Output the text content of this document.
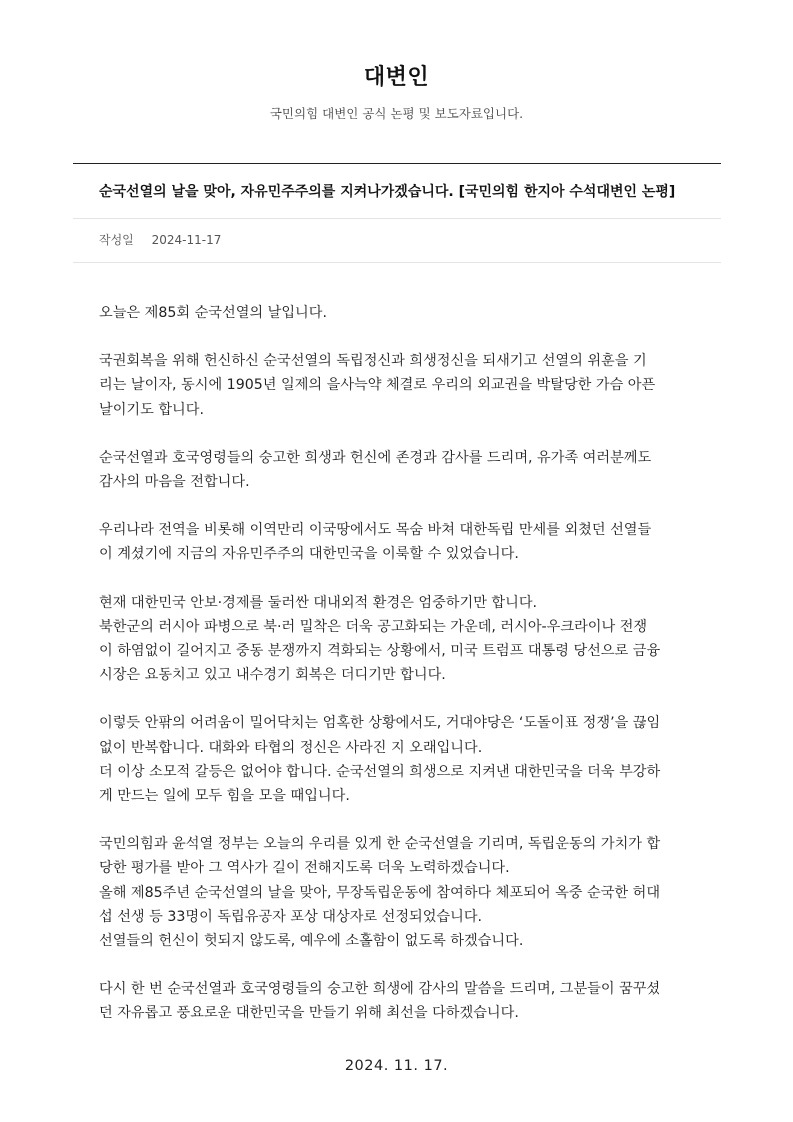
대변인
국민의힘 대변인 공식 논평 및 보도자료입니다.
순국선열의 날을 맞아, 자유민주주의를 지켜나가겠습니다. [국민의힘 한지아 수석대변인 논평]
작성일 2024-11-17

오늘은 제85회 순국선열의 날입니다.

국권회복을 위해 헌신하신 순국선열의 독립정신과 희생정신을 되새기고 선열의 위훈을 기
리는 날이자, 동시에 1905년 일제의 을사늑약 체결로 우리의 외교권을 박탈당한 가슴 아픈
날이기도 합니다.

순국선열과 호국영령들의 숭고한 희생과 헌신에 존경과 감사를 드리며, 유가족 여러분께도
감사의 마음을 전합니다.

우리나라 전역을 비롯해 이역만리 이국땅에서도 목숨 바쳐 대한독립 만세를 외쳤던 선열들
이 계셨기에 지금의 자유민주주의 대한민국을 이룩할 수 있었습니다.

현재 대한민국 안보·경제를 둘러싼 대내외적 환경은 엄중하기만 합니다.
북한군의 러시아 파병으로 북·러 밀착은 더욱 공고화되는 가운데, 러시아-우크라이나 전쟁
이 하염없이 길어지고 중동 분쟁까지 격화되는 상황에서, 미국 트럼프 대통령 당선으로 금융
시장은 요동치고 있고 내수경기 회복은 더디기만 합니다.

이렇듯 안팎의 어려움이 밀어닥치는 엄혹한 상황에서도, 거대야당은 ‘도돌이표 정쟁’을 끊임
없이 반복합니다. 대화와 타협의 정신은 사라진 지 오래입니다.
더 이상 소모적 갈등은 없어야 합니다. 순국선열의 희생으로 지켜낸 대한민국을 더욱 부강하
게 만드는 일에 모두 힘을 모을 때입니다.

국민의힘과 윤석열 정부는 오늘의 우리를 있게 한 순국선열을 기리며, 독립운동의 가치가 합
당한 평가를 받아 그 역사가 길이 전해지도록 더욱 노력하겠습니다.
올해 제85주년 순국선열의 날을 맞아, 무장독립운동에 참여하다 체포되어 옥중 순국한 허대
섭 선생 등 33명이 독립유공자 포상 대상자로 선정되었습니다.
선열들의 헌신이 헛되지 않도록, 예우에 소홀함이 없도록 하겠습니다.

다시 한 번 순국선열과 호국영령들의 숭고한 희생에 감사의 말씀을 드리며, 그분들이 꿈꾸셨
던 자유롭고 풍요로운 대한민국을 만들기 위해 최선을 다하겠습니다.

2024. 11. 17.
